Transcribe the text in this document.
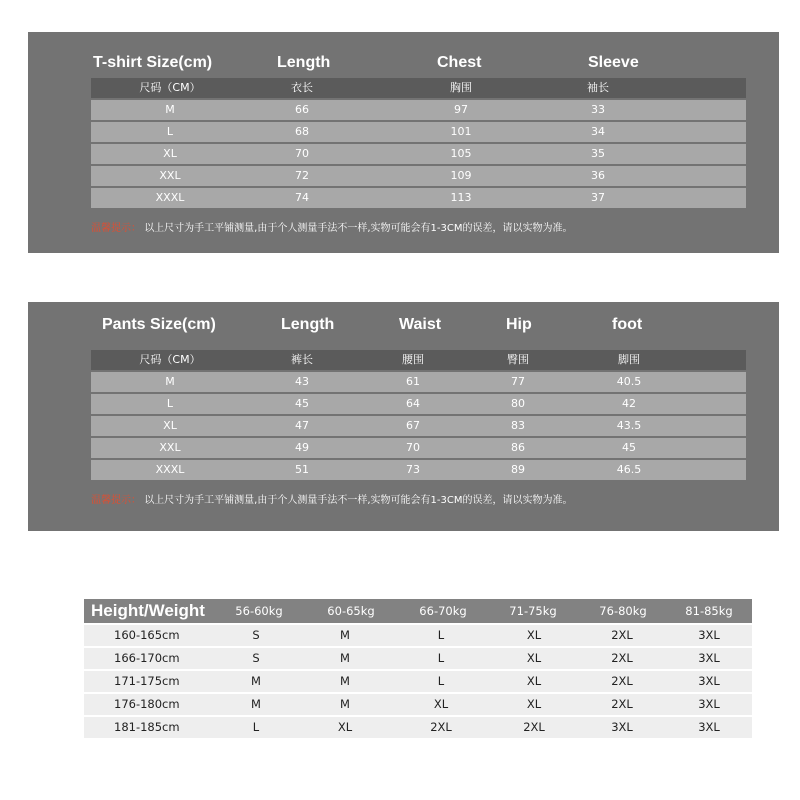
T-shirt Size(cm)	Length	Chest	Sleeve
尺码（CM）	衣长	胸围	袖长
M	66	97	33
L	68	101	34
XL	70	105	35
XXL	72	109	36
XXXL	74	113	37
温馨提示： 以上尺寸为手工平铺测量,由于个人测量手法不一样,实物可能会有1-3CM的误差，请以实物为准。
Pants Size(cm)	Length	Waist	Hip	foot
尺码（CM）	裤长	腰围	臀围	脚围
M	43	61	77	40.5
L	45	64	80	42
XL	47	67	83	43.5
XXL	49	70	86	45
XXXL	51	73	89	46.5
温馨提示： 以上尺寸为手工平铺测量,由于个人测量手法不一样,实物可能会有1-3CM的误差，请以实物为准。
Height/Weight	56-60kg	60-65kg	66-70kg	71-75kg	76-80kg	81-85kg
160-165cm	S	M	L	XL	2XL	3XL
166-170cm	S	M	L	XL	2XL	3XL
171-175cm	M	M	L	XL	2XL	3XL
176-180cm	M	M	XL	XL	2XL	3XL
181-185cm	L	XL	2XL	2XL	3XL	3XL
